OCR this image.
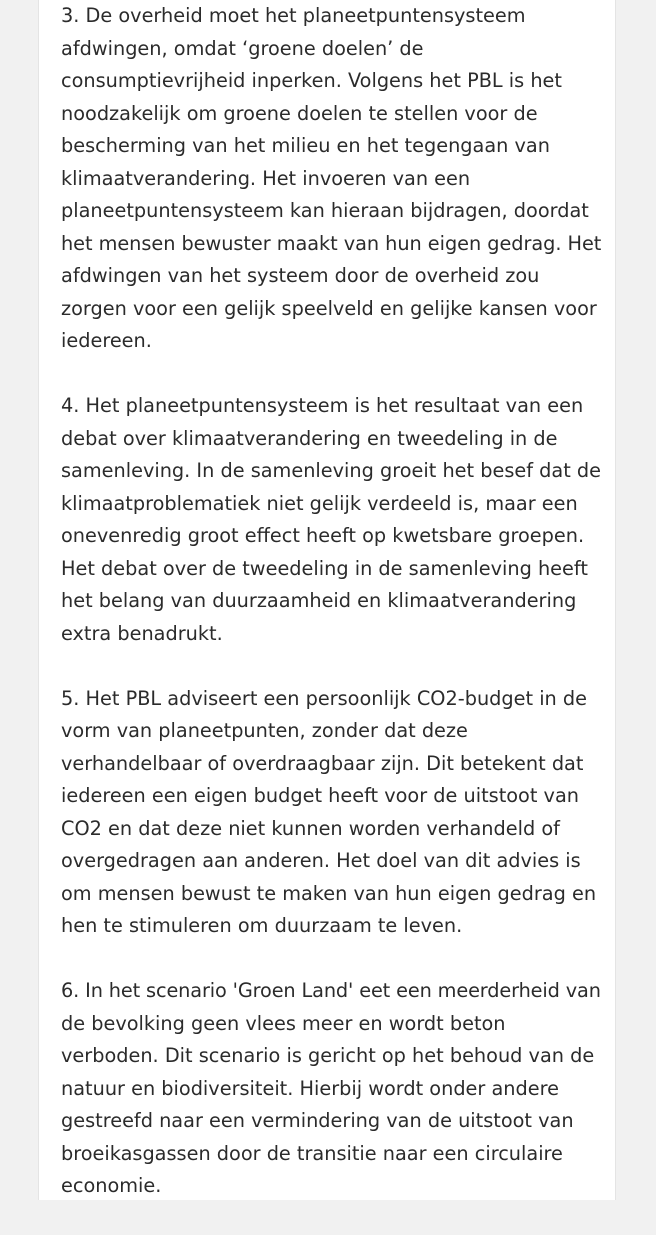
3. De overheid moet het planeetpuntensysteem
afdwingen, omdat ‘groene doelen’ de
consumptievrijheid inperken. Volgens het PBL is het
noodzakelijk om groene doelen te stellen voor de
bescherming van het milieu en het tegengaan van
klimaatverandering. Het invoeren van een
planeetpuntensysteem kan hieraan bijdragen, doordat
het mensen bewuster maakt van hun eigen gedrag. Het
afdwingen van het systeem door de overheid zou
zorgen voor een gelijk speelveld en gelijke kansen voor
iedereen.

4. Het planeetpuntensysteem is het resultaat van een
debat over klimaatverandering en tweedeling in de
samenleving. In de samenleving groeit het besef dat de
klimaatproblematiek niet gelijk verdeeld is, maar een
onevenredig groot effect heeft op kwetsbare groepen.
Het debat over de tweedeling in de samenleving heeft
het belang van duurzaamheid en klimaatverandering
extra benadrukt.

5. Het PBL adviseert een persoonlijk CO2-budget in de
vorm van planeetpunten, zonder dat deze
verhandelbaar of overdraagbaar zijn. Dit betekent dat
iedereen een eigen budget heeft voor de uitstoot van
CO2 en dat deze niet kunnen worden verhandeld of
overgedragen aan anderen. Het doel van dit advies is
om mensen bewust te maken van hun eigen gedrag en
hen te stimuleren om duurzaam te leven.

6. In het scenario 'Groen Land' eet een meerderheid van
de bevolking geen vlees meer en wordt beton
verboden. Dit scenario is gericht op het behoud van de
natuur en biodiversiteit. Hierbij wordt onder andere
gestreefd naar een vermindering van de uitstoot van
broeikasgassen door de transitie naar een circulaire
economie.
